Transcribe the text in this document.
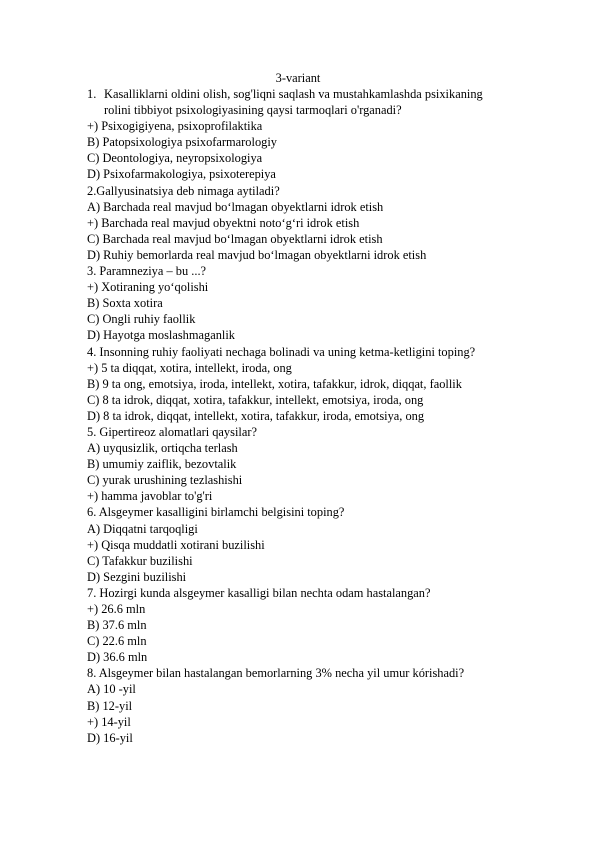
3-variant
1. Kasalliklarni oldini olish, sog'liqni saqlash va mustahkamlashda psixikaning
rolini tibbiyot psixologiyasining qaysi tarmoqlari o'rganadi?
+) Psixogigiyena, psixoprofilaktika
B) Patopsixologiya psixofarmarologiy
C) Deontologiya, neyropsixologiya
D) Psixofarmakologiya, psixoterepiya
2.Gallyusinatsiya deb nimaga aytiladi?
A) Barchada real mavjud bo‘lmagan obyektlarni idrok etish
+) Barchada real mavjud obyektni noto‘g‘ri idrok etish
C) Barchada real mavjud bo‘lmagan obyektlarni idrok etish
D) Ruhiy bemorlarda real mavjud bo‘lmagan obyektlarni idrok etish
3. Paramneziya – bu ...?
+) Xotiraning yo‘qolishi
B) Soxta xotira
C) Ongli ruhiy faollik
D) Hayotga moslashmaganlik
4. Insonning ruhiy faoliyati nechaga bolinadi va uning ketma-ketligini toping?
+) 5 ta diqqat, xotira, intellekt, iroda, ong
B) 9 ta ong, emotsiya, iroda, intellekt, xotira, tafakkur, idrok, diqqat, faollik
C) 8 ta idrok, diqqat, xotira, tafakkur, intellekt, emotsiya, iroda, ong
D) 8 ta idrok, diqqat, intellekt, xotira, tafakkur, iroda, emotsiya, ong
5. Gipertireoz alomatlari qaysilar?
A) uyqusizlik, ortiqcha terlash
B) umumiy zaiflik, bezovtalik
C) yurak urushining tezlashishi
+) hamma javoblar to'g'ri
6. Alsgeymer kasalligini birlamchi belgisini toping?
A) Diqqatni tarqoqligi
+) Qisqa muddatli xotirani buzilishi
C) Tafakkur buzilishi
D) Sezgini buzilishi
7. Hozirgi kunda alsgeymer kasalligi bilan nechta odam hastalangan?
+) 26.6 mln
B) 37.6 mln
C) 22.6 mln
D) 36.6 mln
8. Alsgeymer bilan hastalangan bemorlarning 3% necha yil umur kórishadi?
A) 10 -yil
B) 12-yil
+) 14-yil
D) 16-yil
